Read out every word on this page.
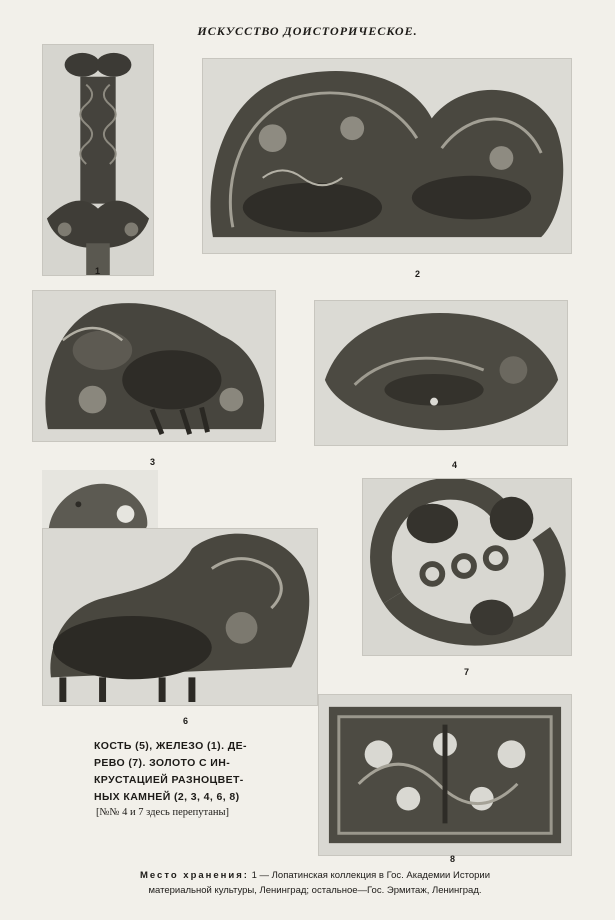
ИСКУССТВО ДОИСТОРИЧЕСКОЕ.
1	2
3	4
6
7
8
КОСТЬ (5), ЖЕЛЕЗО (1). ДЕ-
РЕВО (7). ЗОЛОТО С ИН-
КРУСТАЦИЕЙ РАЗНОЦВЕТ-
НЫХ КАМНЕЙ (2, 3, 4, 6, 8)
[№№ 4 и 7 здесь перепутаны]
Место хранения: 1 — Лопатинская коллекция в Гос. Академии Истории
материальной культуры, Ленинград; остальное—Гос. Эрмитаж, Ленинград.
